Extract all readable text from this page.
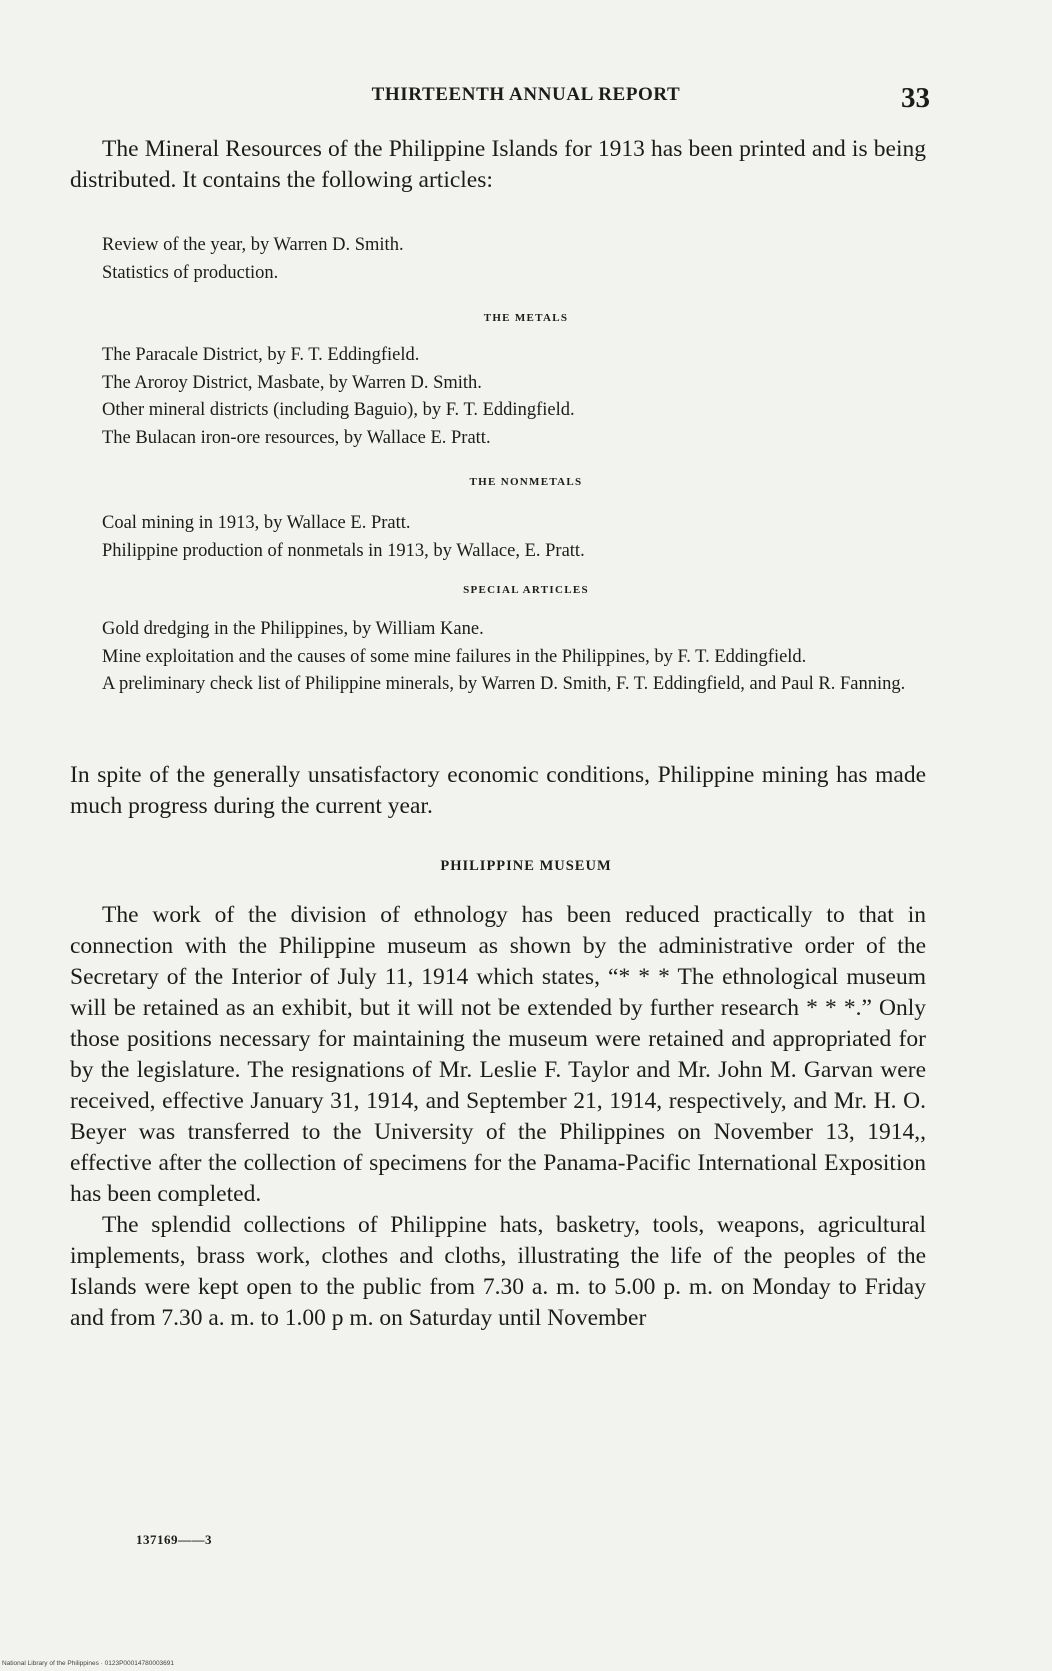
THIRTEENTH ANNUAL REPORT	33

The Mineral Resources of the Philippine Islands for 1913 has been printed and is being distributed. It contains the following articles:

Review of the year, by Warren D. Smith.

Statistics of production.

THE METALS

The Paracale District, by F. T. Eddingfield.

The Aroroy District, Masbate, by Warren D. Smith.

Other mineral districts (including Baguio), by F. T. Eddingfield.

The Bulacan iron-ore resources, by Wallace E. Pratt.

THE NONMETALS

Coal mining in 1913, by Wallace E. Pratt.

Philippine production of nonmetals in 1913, by Wallace, E. Pratt.

SPECIAL ARTICLES

Gold dredging in the Philippines, by William Kane.

Mine exploitation and the causes of some mine failures in the Philippines, by F. T. Eddingfield.

A preliminary check list of Philippine minerals, by Warren D. Smith, F. T. Eddingfield, and Paul R. Fanning.

In spite of the generally unsatisfactory economic conditions, Philippine mining has made much progress during the current year.

PHILIPPINE MUSEUM

The work of the division of ethnology has been reduced practically to that in connection with the Philippine museum as shown by the administrative order of the Secretary of the Interior of July 11, 1914 which states, “* * * The ethnological museum will be retained as an exhibit, but it will not be extended by further research * * *.” Only those positions necessary for maintaining the museum were retained and appropriated for by the legislature. The resignations of Mr. Leslie F. Taylor and Mr. John M. Garvan were received, effective January 31, 1914, and September 21, 1914, respectively, and Mr. H. O. Beyer was transferred to the University of the Philippines on November 13, 1914,, effective after the collection of specimens for the Panama-Pacific International Exposition has been completed.

The splendid collections of Philippine hats, basketry, tools, weapons, agricultural implements, brass work, clothes and cloths, illustrating the life of the peoples of the Islands were kept open to the public from 7.30 a. m. to 5.00 p. m. on Monday to Friday and from 7.30 a. m. to 1.00 p m. on Saturday until November

137169——3
National Library of the Philippines · 0123P00014780003691
